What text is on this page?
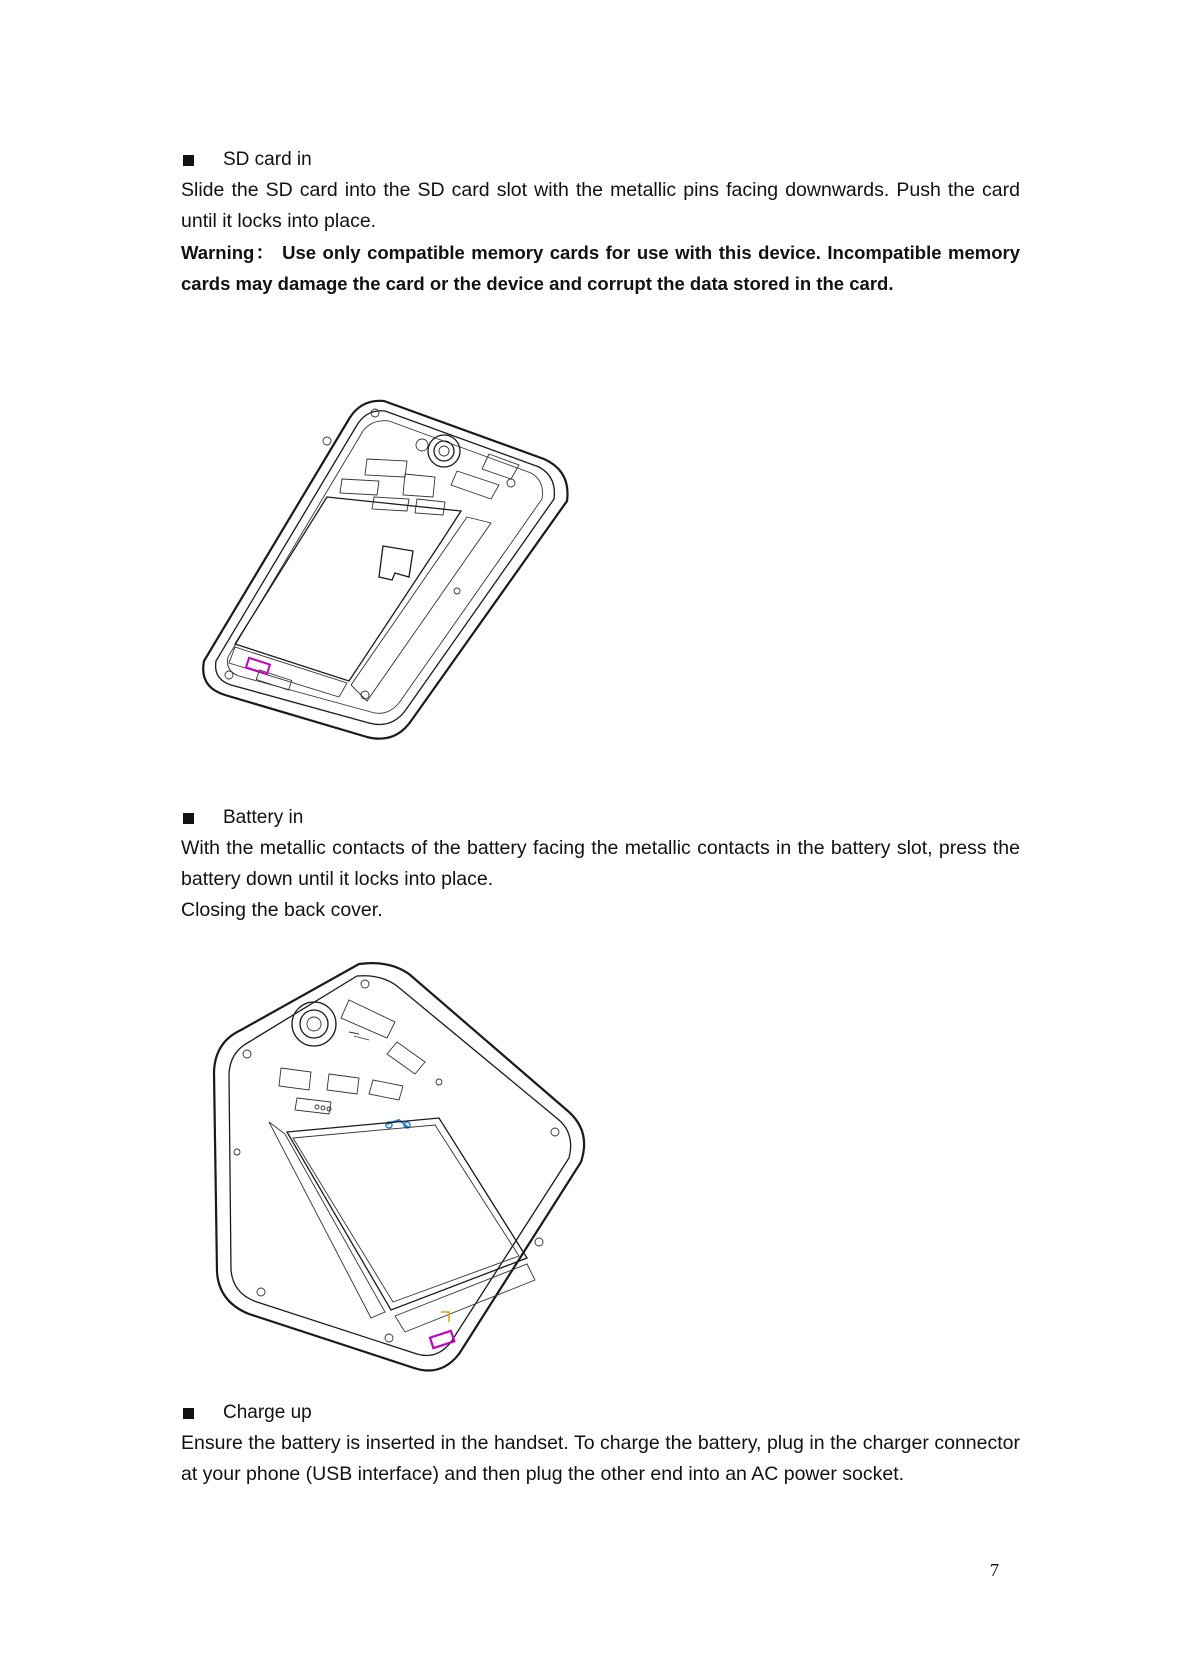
SD card in

Slide the SD card into the SD card slot with the metallic pins facing downwards. Push the card until it locks into place.

Warning： Use only compatible memory cards for use with this device. Incompatible memory cards may damage the card or the device and corrupt the data stored in the card.

Battery in

With the metallic contacts of the battery facing the metallic contacts in the battery slot, press the battery down until it locks into place.

Closing the back cover.

Charge up

Ensure the battery is inserted in the handset. To charge the battery, plug in the charger connector at your phone (USB interface) and then plug the other end into an AC power socket.

7
